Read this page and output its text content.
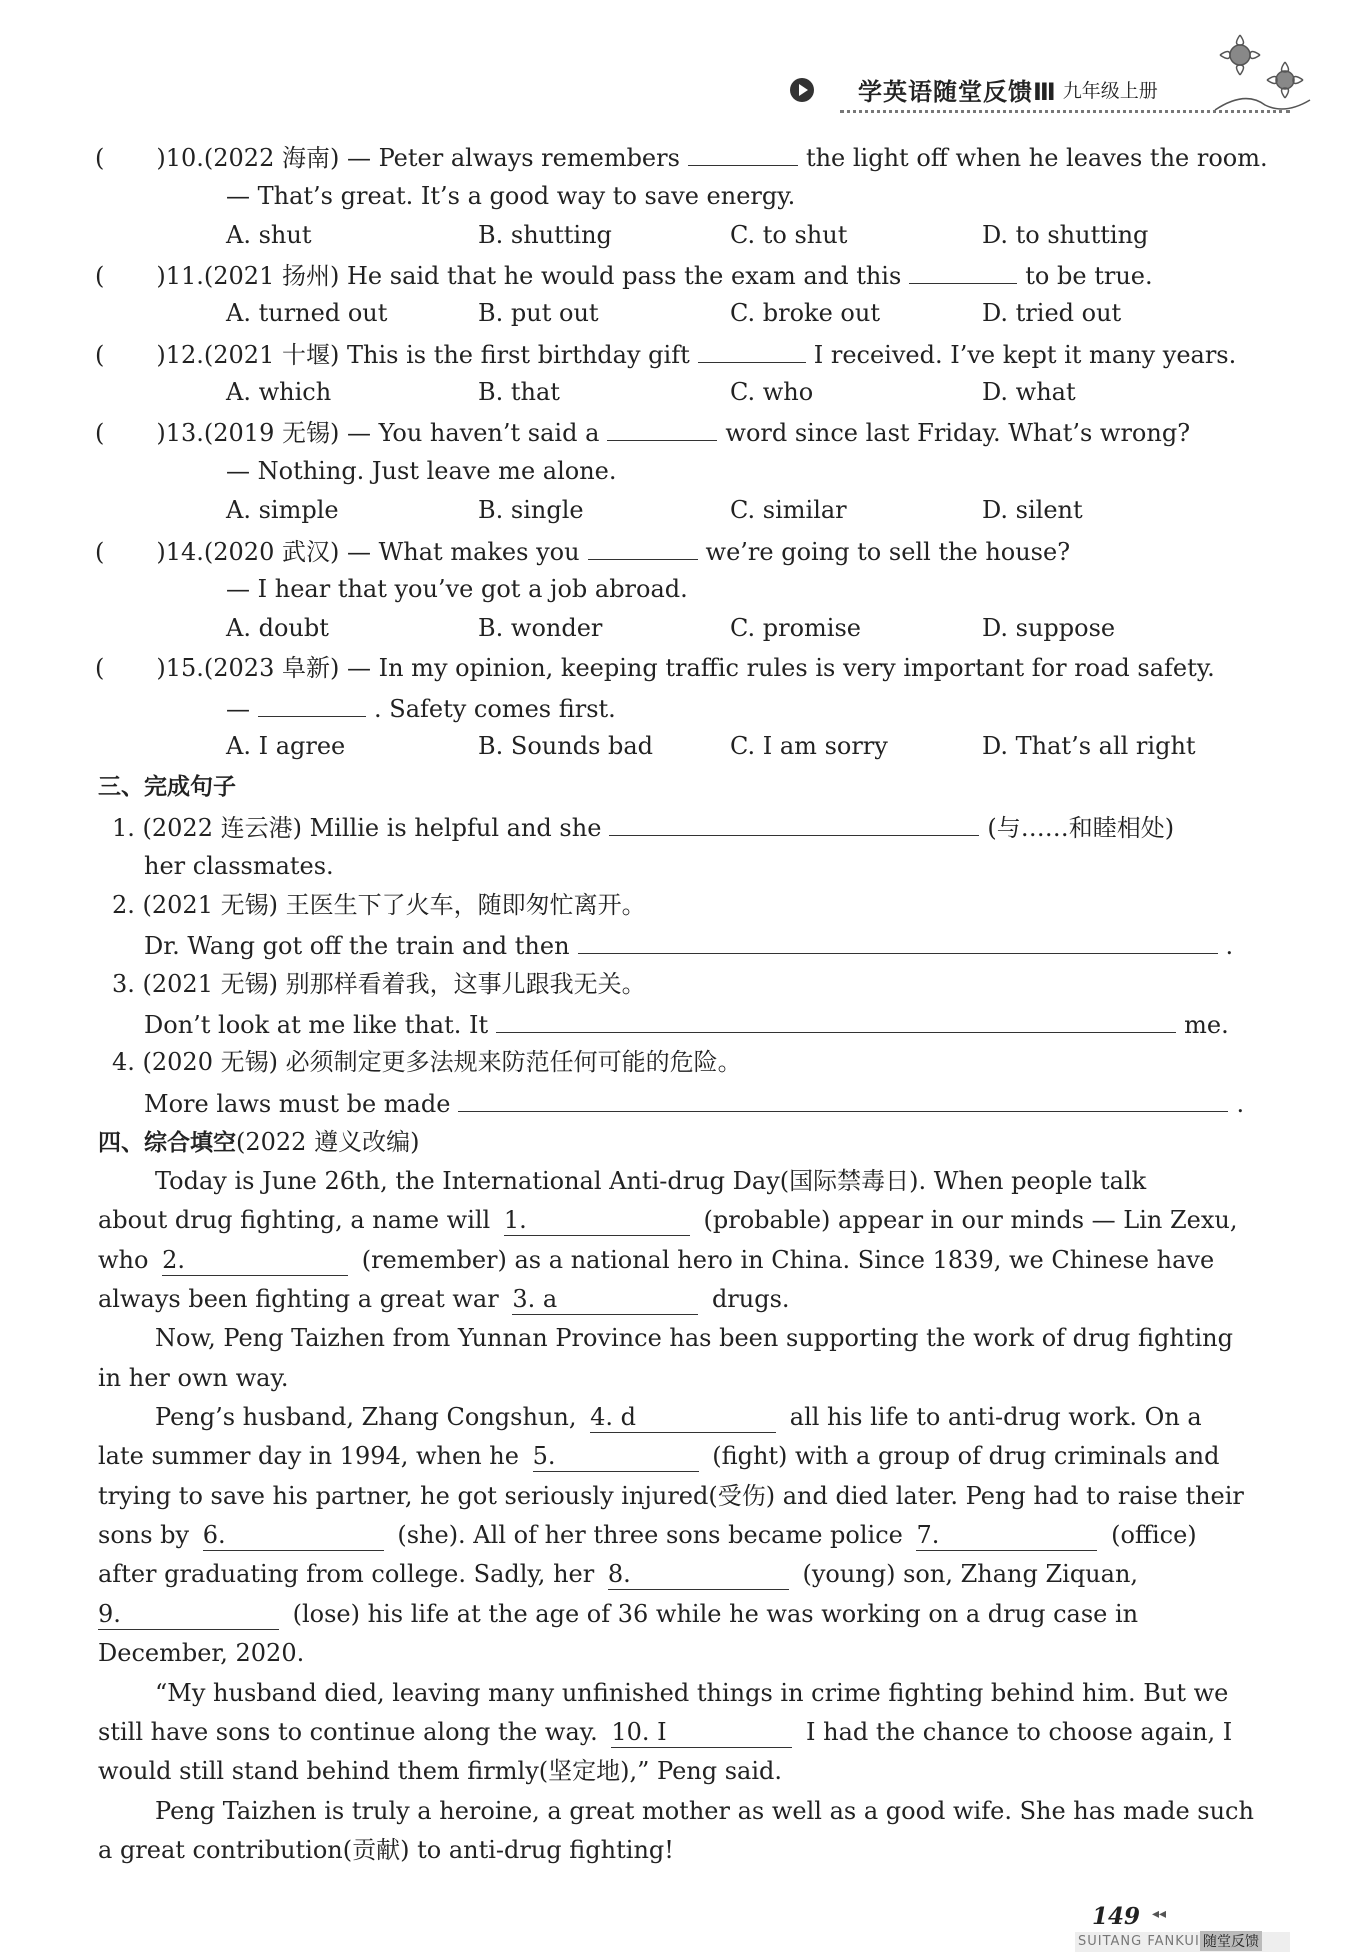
学英语随堂反馈Ⅲ 九年级上册
( )10.(2022 海南) — Peter always remembers	the light off when he leaves the room.
— That’s great. It’s a good way to save energy.
A. shut	B. shutting	C. to shut	D. to shutting
( )11.(2021 扬州) He said that he would pass the exam and this	to be true.
A. turned out	B. put out	C. broke out	D. tried out
( )12.(2021 十堰) This is the first birthday gift	I received. I’ve kept it many years.
A. which	B. that	C. who	D. what
( )13.(2019 无锡) — You haven’t said a	word since last Friday. What’s wrong?
— Nothing. Just leave me alone.
A. simple	B. single	C. similar	D. silent
( )14.(2020 武汉) — What makes you	we’re going to sell the house?
— I hear that you’ve got a job abroad.
A. doubt	B. wonder	C. promise	D. suppose
( )15.(2023 阜新) — In my opinion, keeping traffic rules is very important for road safety.
—	. Safety comes first.
A. I agree	B. Sounds bad	C. I am sorry	D. That’s all right
三、完成句子
1. (2022 连云港) Millie is helpful and she	(与……和睦相处)
her classmates.
2. (2021 无锡) 王医生下了火车，随即匆忙离开。
Dr. Wang got off the train and then	.
3. (2021 无锡) 别那样看着我，这事儿跟我无关。
Don’t look at me like that. It	me.
4. (2020 无锡) 必须制定更多法规来防范任何可能的危险。
More laws must be made	.
四、综合填空(2022 遵义改编)
Today is June 26th, the International Anti-drug Day(国际禁毒日). When people talk
about drug fighting, a name will 1.	(probable) appear in our minds — Lin Zexu,
who 2.	(remember) as a national hero in China. Since 1839, we Chinese have
always been fighting a great war 3. a	drugs.
Now, Peng Taizhen from Yunnan Province has been supporting the work of drug fighting
in her own way.
Peng’s husband, Zhang Congshun, 4. d	all his life to anti-drug work. On a
late summer day in 1994, when he 5.	(fight) with a group of drug criminals and
trying to save his partner, he got seriously injured(受伤) and died later. Peng had to raise their
sons by 6.	(she). All of her three sons became police 7.	(office)
after graduating from college. Sadly, her 8.	(young) son, Zhang Ziquan,
9.	(lose) his life at the age of 36 while he was working on a drug case in
December, 2020.
“My husband died, leaving many unfinished things in crime fighting behind him. But we
still have sons to continue along the way. 10. I	I had the chance to choose again, I
would still stand behind them firmly(坚定地),” Peng said.
Peng Taizhen is truly a heroine, a great mother as well as a good wife. She has made such
a great contribution(贡献) to anti-drug fighting!
149 ◂◂
SUITANG FANKUI 随堂反馈
